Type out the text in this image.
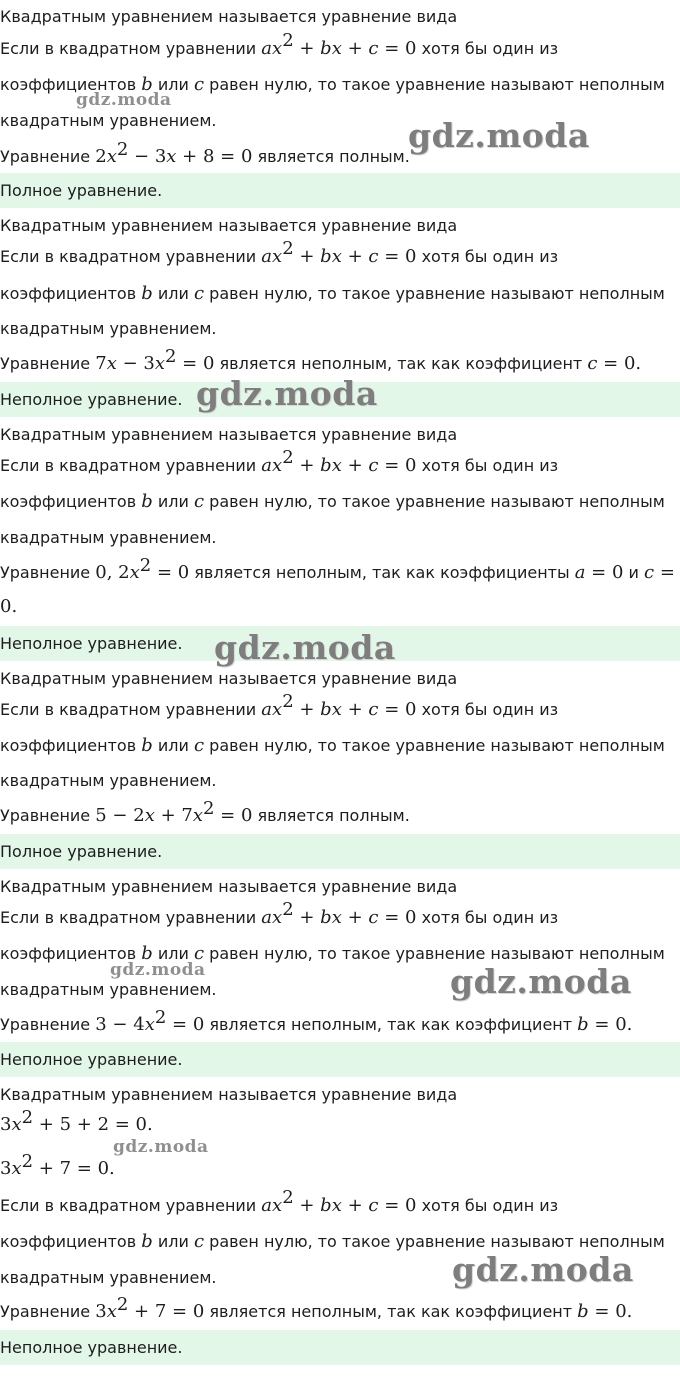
Квадратным уравнением называется уравнение вида
Если в квадратном уравнении $ax^2$ + bx + c = 0 хотя бы один из
коэффициентов b или c равен нулю, то такое уравнение называют неполным
квадратным уравнением.
Уравнение $2x^2 - 3x + 8 = 0$ является полным.
Полное уравнение.
Квадратным уравнением называется уравнение вида
Если в квадратном уравнении $ax^2$ + bx + c = 0 хотя бы один из
коэффициентов b или c равен нулю, то такое уравнение называют неполным
квадратным уравнением.
Уравнение $7x - 3x^2 = 0$ является неполным, так как коэффициент c = 0.
Неполное уравнение.
Квадратным уравнением называется уравнение вида
Если в квадратном уравнении $ax^2$ + bx + c = 0 хотя бы один из
коэффициентов b или c равен нулю, то такое уравнение называют неполным
квадратным уравнением.
Уравнение 0, $2x^2 = 0$ является неполным, так как коэффициенты a = 0 и c =
0.
Неполное уравнение.
Квадратным уравнением называется уравнение вида
Если в квадратном уравнении $ax^2$ + bx + c = 0 хотя бы один из
коэффициентов b или c равен нулю, то такое уравнение называют неполным
квадратным уравнением.
Уравнение $5 - 2x + 7x^2 = 0$ является полным.
Полное уравнение.
Квадратным уравнением называется уравнение вида
Если в квадратном уравнении $ax^2$ + bx + c = 0 хотя бы один из
коэффициентов b или c равен нулю, то такое уравнение называют неполным
квадратным уравнением.
Уравнение $3 - 4x^2 = 0$ является неполным, так как коэффициент b = 0.
Неполное уравнение.
Квадратным уравнением называется уравнение вида
$3x^2 + 5 + 2 = 0$.
$3x^2 + 7 = 0$.
Если в квадратном уравнении $ax^2$ + bx + c = 0 хотя бы один из
коэффициентов b или c равен нулю, то такое уравнение называют неполным
квадратным уравнением.
Уравнение $3x^2 + 7 = 0$ является неполным, так как коэффициент b = 0.
Неполное уравнение.
gdz.moda
gdz.moda
gdz.moda
gdz.moda
gdz.moda	gdz.moda
gdz.moda
gdz.moda
